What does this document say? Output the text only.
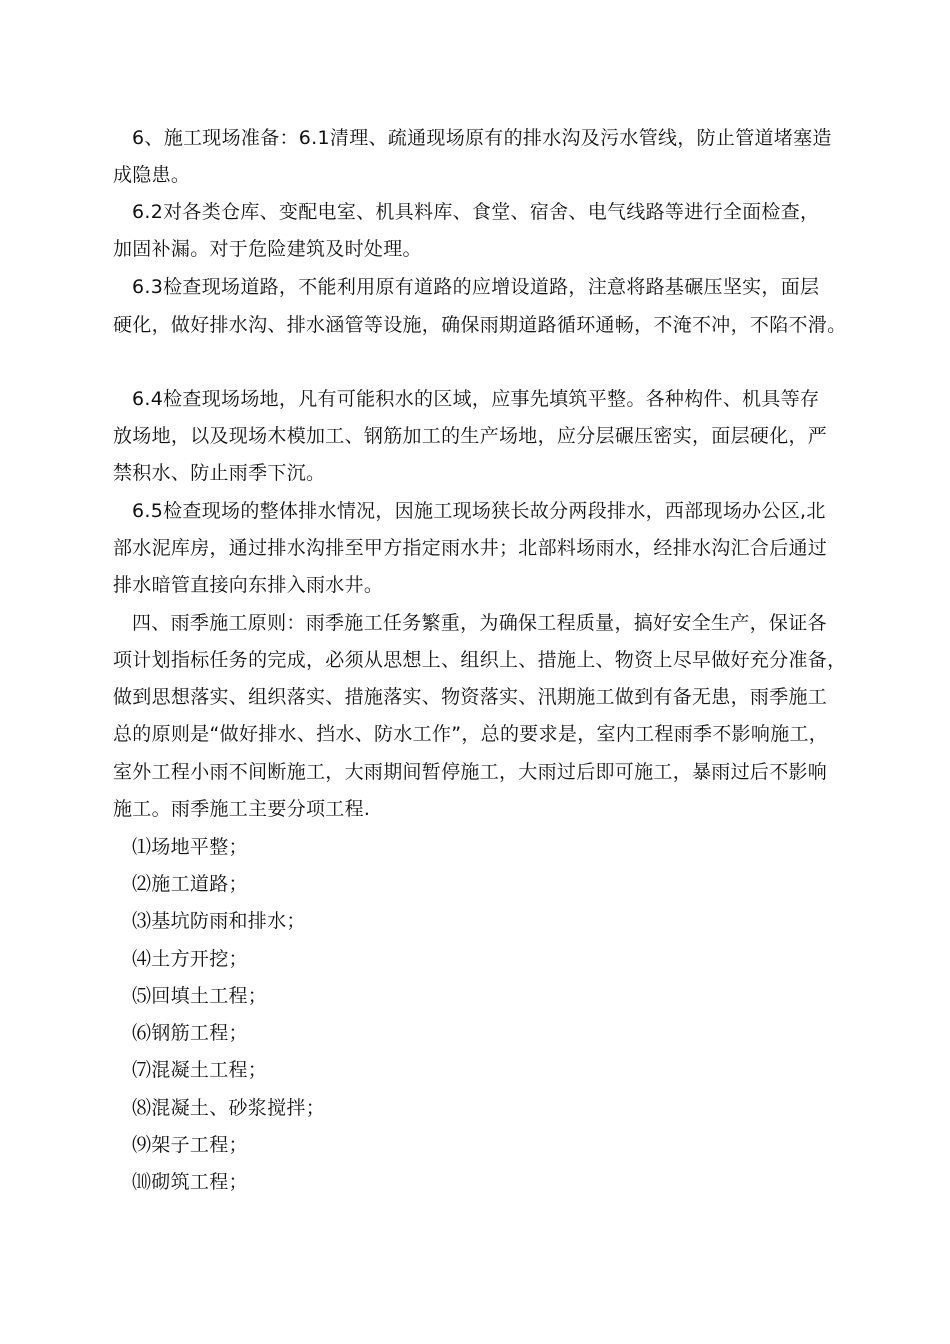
6、施工现场准备：6.1清理、疏通现场原有的排水沟及污水管线，防止管道堵塞造
成隐患。
6.2对各类仓库、变配电室、机具料库、食堂、宿舍、电气线路等进行全面检查，
加固补漏。对于危险建筑及时处理。
6.3检查现场道路，不能利用原有道路的应增设道路，注意将路基碾压坚实，面层
硬化，做好排水沟、排水涵管等设施，确保雨期道路循环通畅，不淹不冲，不陷不滑。
6.4检查现场场地，凡有可能积水的区域，应事先填筑平整。各种构件、机具等存
放场地，以及现场木模加工、钢筋加工的生产场地，应分层碾压密实，面层硬化，严
禁积水、防止雨季下沉。
6.5检查现场的整体排水情况，因施工现场狭长故分两段排水，西部现场办公区,北
部水泥库房，通过排水沟排至甲方指定雨水井；北部料场雨水，经排水沟汇合后通过
排水暗管直接向东排入雨水井。
四、雨季施工原则：雨季施工任务繁重，为确保工程质量，搞好安全生产，保证各
项计划指标任务的完成，必须从思想上、组织上、措施上、物资上尽早做好充分准备，
做到思想落实、组织落实、措施落实、物资落实、汛期施工做到有备无患，雨季施工
总的原则是“做好排水、挡水、防水工作”，总的要求是，室内工程雨季不影响施工，
室外工程小雨不间断施工，大雨期间暂停施工，大雨过后即可施工，暴雨过后不影响
施工。雨季施工主要分项工程.
⑴场地平整；
⑵施工道路；
⑶基坑防雨和排水；
⑷土方开挖；
⑸回填土工程；
⑹钢筋工程；
⑺混凝土工程；
⑻混凝土、砂浆搅拌；
⑼架子工程；
⑽砌筑工程；
